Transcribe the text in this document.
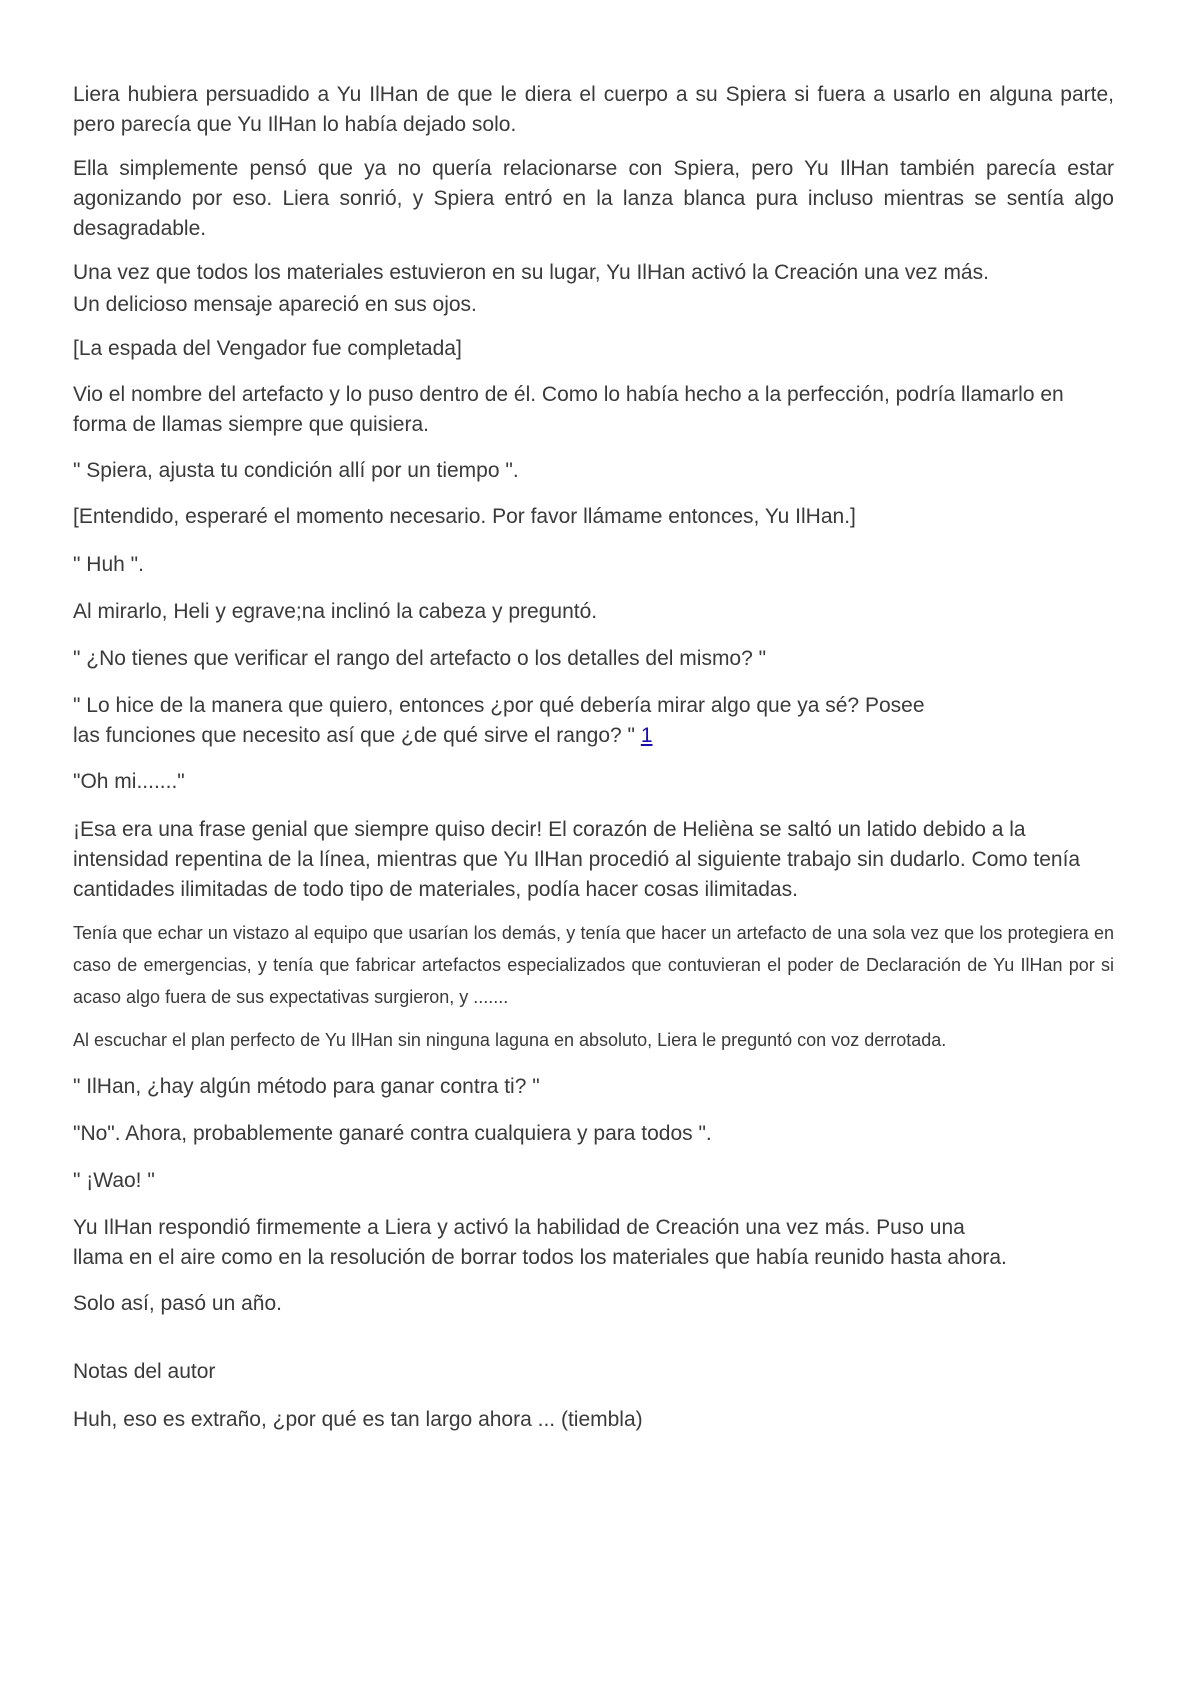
Liera hubiera persuadido a Yu IlHan de que le diera el cuerpo a su Spiera si fuera a usarlo en alguna parte, pero parecía que Yu IlHan lo había dejado solo.

Ella simplemente pensó que ya no quería relacionarse con Spiera, pero Yu IlHan también parecía estar agonizando por eso. Liera sonrió, y Spiera entró en la lanza blanca pura incluso mientras se sentía algo desagradable.

Una vez que todos los materiales estuvieron en su lugar, Yu IlHan activó la Creación una vez más.

Un delicioso mensaje apareció en sus ojos.

[La espada del Vengador fue completada]

Vio el nombre del artefacto y lo puso dentro de él. Como lo había hecho a la perfección, podría llamarlo en forma de llamas siempre que quisiera.

" Spiera, ajusta tu condición allí por un tiempo ".

[Entendido, esperaré el momento necesario. Por favor llámame entonces, Yu IlHan.]

" Huh ".

Al mirarlo, Heli y egrave;na inclinó la cabeza y preguntó.

" ¿No tienes que verificar el rango del artefacto o los detalles del mismo? "

" Lo hice de la manera que quiero, entonces ¿por qué debería mirar algo que ya sé? Posee

las funciones que necesito así que ¿de qué sirve el rango? " 1

"Oh mi......."

¡Esa era una frase genial que siempre quiso decir! El corazón de Helièna se saltó un latido debido a la intensidad repentina de la línea, mientras que Yu IlHan procedió al siguiente trabajo sin dudarlo. Como tenía cantidades ilimitadas de todo tipo de materiales, podía hacer cosas ilimitadas.

Tenía que echar un vistazo al equipo que usarían los demás, y tenía que hacer un artefacto de una sola vez que los protegiera en caso de emergencias, y tenía que fabricar artefactos especializados que contuvieran el poder de Declaración de Yu IlHan por si acaso algo fuera de sus expectativas surgieron, y .......

Al escuchar el plan perfecto de Yu IlHan sin ninguna laguna en absoluto, Liera le preguntó con voz derrotada.

" IlHan, ¿hay algún método para ganar contra ti? "

"No". Ahora, probablemente ganaré contra cualquiera y para todos ".

" ¡Wao! "

Yu IlHan respondió firmemente a Liera y activó la habilidad de Creación una vez más. Puso una

llama en el aire como en la resolución de borrar todos los materiales que había reunido hasta ahora.

Solo así, pasó un año.

Notas del autor

Huh, eso es extraño, ¿por qué es tan largo ahora ... (tiembla)
